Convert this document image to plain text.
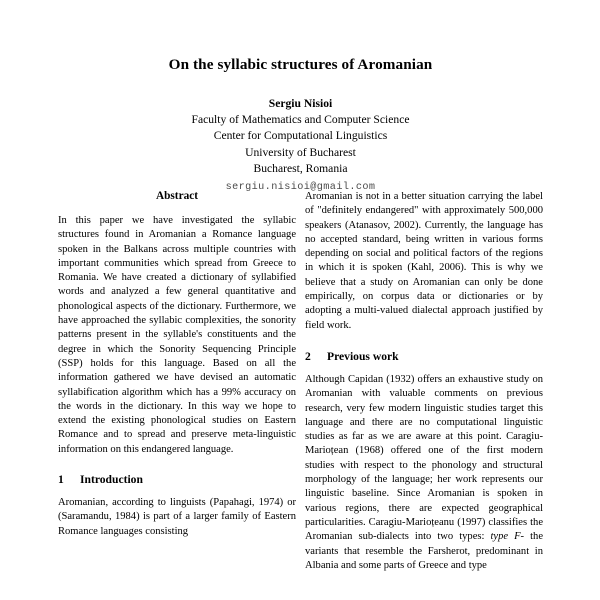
On the syllabic structures of Aromanian
Sergiu Nisioi
Faculty of Mathematics and Computer Science
Center for Computational Linguistics
University of Bucharest
Bucharest, Romania
sergiu.nisioi@gmail.com
Abstract

In this paper we have investigated the syllabic structures found in Aromanian a Romance language spoken in the Balkans across multiple countries with important communities which spread from Greece to Romania. We have created a dictionary of syllabified words and analyzed a few general quantitative and phonological aspects of the dictionary. Furthermore, we have approached the syllabic complexities, the sonority patterns present in the syllable's constituents and the degree in which the Sonority Sequencing Principle (SSP) holds for this language. Based on all the information gathered we have devised an automatic syllabification algorithm which has a 99% accuracy on the words in the dictionary. In this way we hope to extend the existing phonological studies on Eastern Romance and to spread and preserve meta-linguistic information on this endangered language.

1 Introduction

Aromanian, according to linguists (Papahagi, 1974) or (Saramandu, 1984) is part of a larger family of Eastern Romance languages consisting

Aromanian is not in a better situation carrying the label of "definitely endangered" with approximately 500,000 speakers (Atanasov, 2002). Currently, the language has no accepted standard, being written in various forms depending on social and political factors of the regions in which it is spoken (Kahl, 2006). This is why we believe that a study on Aromanian can only be done empirically, on corpus data or dictionaries or by adopting a multi-valued dialectal approach justified by field work.

2 Previous work

Although Capidan (1932) offers an exhaustive study on Aromanian with valuable comments on previous research, very few modern linguistic studies target this language and there are no computational linguistic studies as far as we are aware at this point. Caragiu-Marioțean (1968) offered one of the first modern studies with respect to the phonology and structural morphology of the language; her work represents our linguistic baseline. Since Aromanian is spoken in various regions, there are expected geographical particularities. Caragiu-Marioțeanu (1997) classifies the Aromanian sub-dialects into two types: type F- the variants that resemble the Farsherot, predominant in Albania and some parts of Greece and type
